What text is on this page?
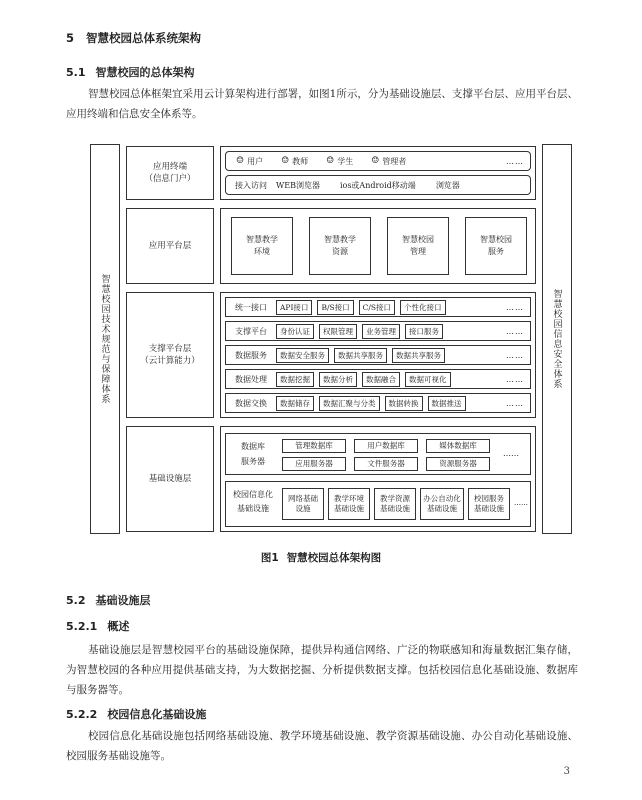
5 智慧校园总体系统架构
5.1 智慧校园的总体架构
智慧校园总体框架宜采用云计算架构进行部署，如图1所示，分为基础设施层、支撑平台层、应用平台层、应用终端和信息安全体系等。
智慧校园技术规范与保障体系	智慧校园信息安全体系
应用终端
（信息门户）
应用平台层
支撑平台层
（云计算能力）
基础设施层
☺ 用户 ☺ 教师 ☺ 学生 ☺ 管理者	……
接入访问	WEB浏览器	ios或Android移动端	浏览器
智慧教学
环境
智慧教学
资源
智慧校园
管理
智慧校园
服务
统一接口	API接口	B/S接口	C/S接口	个性化接口	……
支撑平台	身份认证	权限管理	业务管理	接口服务	……
数据服务	数据安全服务	数据共享服务	数据共享服务	……
数据处理	数据挖掘	数据分析	数据融合	数据可视化	……
数据交换	数据储存	数据汇聚与分类	数据转换	数据推送	……
数据库
服务器
管理数据库	用户数据库	媒体数据库
应用服务器	文件服务器	资源服务器
……
校园信息化
基础设施
网络基础
设施
教学环境
基础设施
教学资源
基础设施
办公自动化
基础设施
校园服务
基础设施
……
图1 智慧校园总体架构图
5.2 基础设施层
5.2.1 概述
基础设施层是智慧校园平台的基础设施保障，提供异构通信网络、广泛的物联感知和海量数据汇集存储，为智慧校园的各种应用提供基础支持，为大数据挖掘、分析提供数据支撑。包括校园信息化基础设施、数据库与服务器等。
5.2.2 校园信息化基础设施
校园信息化基础设施包括网络基础设施、教学环境基础设施、教学资源基础设施、办公自动化基础设施、校园服务基础设施等。
3
